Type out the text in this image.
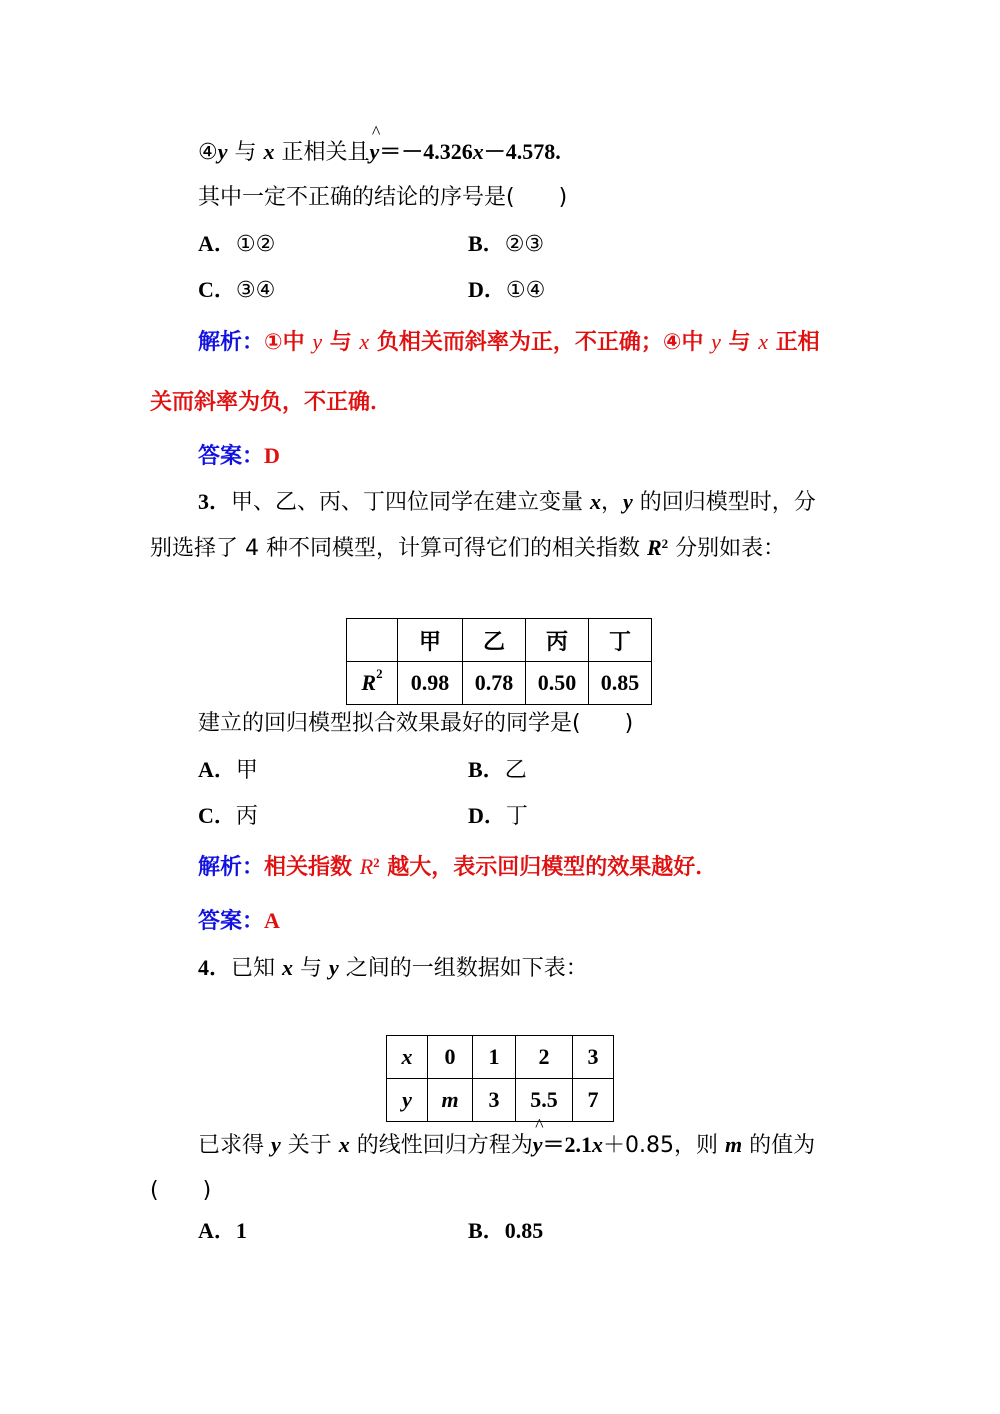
④y 与 x 正相关且^ y＝－4.326x－4.578.
其中一定不正确的结论的序号是(　　)
A．①②	B．②③
C．③④	D．①④
解析：①中 y 与 x 负相关而斜率为正，不正确；④中 y 与 x 正相
关而斜率为负，不正确．
答案：D
3．甲、乙、丙、丁四位同学在建立变量 x，y 的回归模型时，分
别选择了 4 种不同模型，计算可得它们的相关指数 $R^2$ 分别如表：
	甲	乙	丙	丁
$R^2$	0.98	0.78	0.50	0.85
建立的回归模型拟合效果最好的同学是(　　)
A．甲	B．乙
C．丙	D．丁
解析：相关指数 $R^2$ 越大，表示回归模型的效果越好．
答案：A
4．已知 x 与 y 之间的一组数据如下表：
x	0	1	2	3
y	m	3	5.5	7
已求得 y 关于 x 的线性回归方程为^ y＝2.1x＋0.85，则 m 的值为
(　　)
A．1	B．0.85
